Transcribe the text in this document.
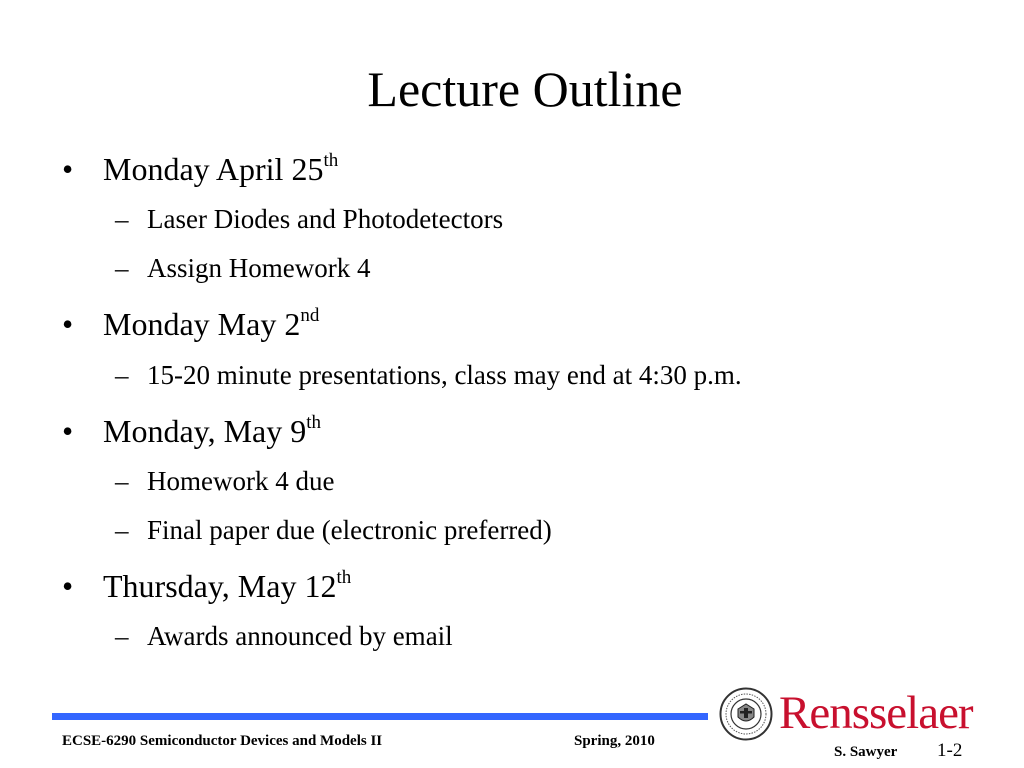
Lecture Outline
• Monday April 25th
– Laser Diodes and Photodetectors
– Assign Homework 4
• Monday May 2nd
– 15-20 minute presentations, class may end at 4:30 p.m.
• Monday, May 9th
– Homework 4 due
– Final paper due (electronic preferred)
• Thursday, May 12th
– Awards announced by email
Rensselaer
ECSE-6290 Semiconductor Devices and Models II	Spring, 2010
S. Sawyer 1-2
